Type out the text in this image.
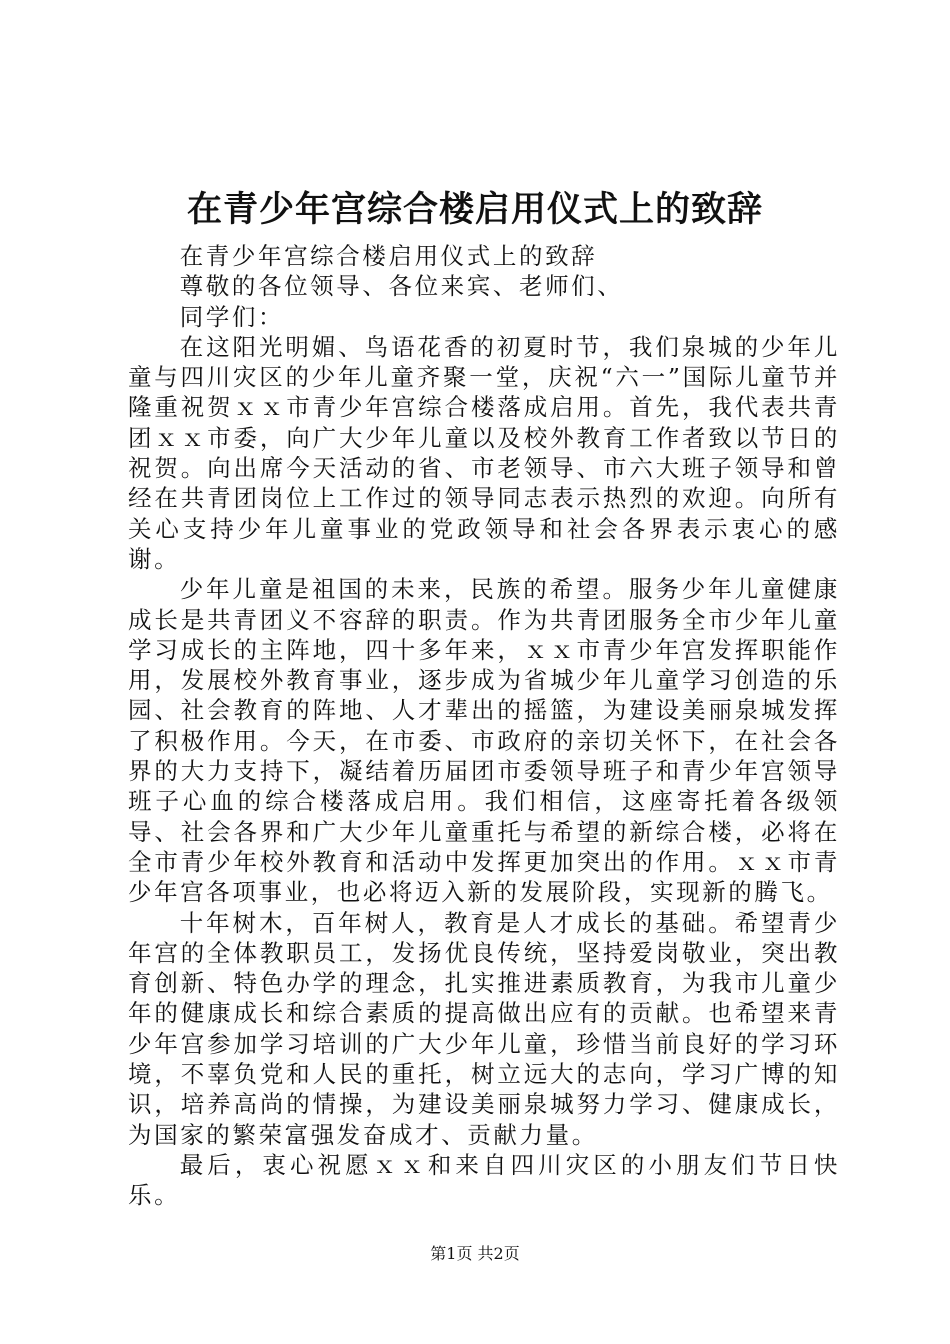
在青少年宫综合楼启用仪式上的致辞

在青少年宫综合楼启用仪式上的致辞

尊敬的各位领导、各位来宾、老师们、

同学们：

在这阳光明媚、鸟语花香的初夏时节，我们泉城的少年儿童与四川灾区的少年儿童齐聚一堂，庆祝“六一”国际儿童节并隆重祝贺ｘｘ市青少年宫综合楼落成启用。首先，我代表共青团ｘｘ市委，向广大少年儿童以及校外教育工作者致以节日的祝贺。向出席今天活动的省、市老领导、市六大班子领导和曾经在共青团岗位上工作过的领导同志表示热烈的欢迎。向所有关心支持少年儿童事业的党政领导和社会各界表示衷心的感谢。

少年儿童是祖国的未来，民族的希望。服务少年儿童健康成长是共青团义不容辞的职责。作为共青团服务全市少年儿童学习成长的主阵地，四十多年来，ｘｘ市青少年宫发挥职能作用，发展校外教育事业，逐步成为省城少年儿童学习创造的乐园、社会教育的阵地、人才辈出的摇篮，为建设美丽泉城发挥了积极作用。今天，在市委、市政府的亲切关怀下，在社会各界的大力支持下，凝结着历届团市委领导班子和青少年宫领导班子心血的综合楼落成启用。我们相信，这座寄托着各级领导、社会各界和广大少年儿童重托与希望的新综合楼，必将在全市青少年校外教育和活动中发挥更加突出的作用。ｘｘ市青少年宫各项事业，也必将迈入新的发展阶段，实现新的腾飞。

十年树木，百年树人，教育是人才成长的基础。希望青少年宫的全体教职员工，发扬优良传统，坚持爱岗敬业，突出教育创新、特色办学的理念，扎实推进素质教育，为我市儿童少年的健康成长和综合素质的提高做出应有的贡献。也希望来青少年宫参加学习培训的广大少年儿童，珍惜当前良好的学习环境，不辜负党和人民的重托，树立远大的志向，学习广博的知识，培养高尚的情操，为建设美丽泉城努力学习、健康成长，为国家的繁荣富强发奋成才、贡献力量。

最后，衷心祝愿ｘｘ和来自四川灾区的小朋友们节日快乐。

第1页 共2页
